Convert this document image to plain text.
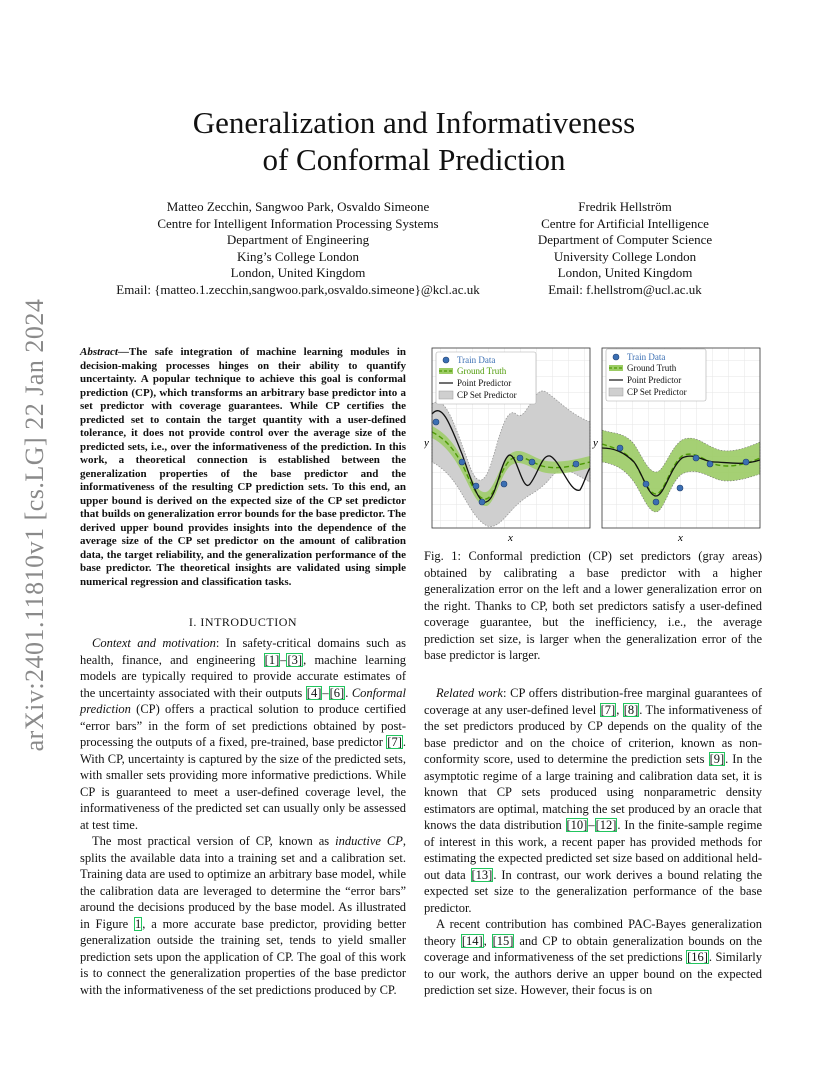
arXiv:2401.11810v1 [cs.LG] 22 Jan 2024
Generalization and Informativeness
of Conformal Prediction
Matteo Zecchin, Sangwoo Park, Osvaldo Simeone
Centre for Intelligent Information Processing Systems
Department of Engineering
King’s College London
London, United Kingdom
Email: {matteo.1.zecchin,sangwoo.park,osvaldo.simeone}@kcl.ac.uk
Fredrik Hellström
Centre for Artificial Intelligence
Department of Computer Science
University College London
London, United Kingdom
Email: f.hellstrom@ucl.ac.uk
Abstract—The safe integration of machine learning modules in decision-making processes hinges on their ability to quantify uncertainty. A popular technique to achieve this goal is conformal prediction (CP), which transforms an arbitrary base predictor into a set predictor with coverage guarantees. While CP certifies the predicted set to contain the target quantity with a user-defined tolerance, it does not provide control over the average size of the predicted sets, i.e., over the informativeness of the prediction. In this work, a theoretical connection is established between the generalization properties of the base predictor and the informativeness of the resulting CP prediction sets. To this end, an upper bound is derived on the expected size of the CP set predictor that builds on generalization error bounds for the base predictor. The derived upper bound provides insights into the dependence of the average size of the CP set predictor on the amount of calibration data, the target reliability, and the generalization performance of the base predictor. The theoretical insights are validated using simple numerical regression and classification tasks.
I. INTRODUCTION

Context and motivation: In safety-critical domains such as health, finance, and engineering [1]–[3], machine learning models are typically required to provide accurate estimates of the uncertainty associated with their outputs [4]–[6]. Conformal prediction (CP) offers a practical solution to produce certified “error bars” in the form of set predictions obtained by post-processing the outputs of a fixed, pre-trained, base predictor [7]. With CP, uncertainty is captured by the size of the predicted sets, with smaller sets providing more informative predictions. While CP is guaranteed to meet a user-defined coverage level, the informativeness of the predicted set can usually only be assessed at test time.

The most practical version of CP, known as inductive CP, splits the available data into a training set and a calibration set. Training data are used to optimize an arbitrary base model, while the calibration data are leveraged to determine the “error bars” around the decisions produced by the base model. As illustrated in Figure 1, a more accurate base predictor, providing better generalization outside the training set, tends to yield smaller prediction sets upon the application of CP. The goal of this work is to connect the generalization properties of the base predictor with the informativeness of the set predictions produced by CP.

Train Data
Ground Truth
Point Predictor
CP Set Predictor
y
x
Train Data
Ground Truth
Point Predictor
CP Set Predictor
y
x
Fig. 1: Conformal prediction (CP) set predictors (gray areas) obtained by calibrating a base predictor with a higher generalization error on the left and a lower generalization error on the right. Thanks to CP, both set predictors satisfy a user-defined coverage guarantee, but the inefficiency, i.e., the average prediction set size, is larger when the generalization error of the base predictor is larger.

Related work: CP offers distribution-free marginal guarantees of coverage at any user-defined level [7], [8]. The informativeness of the set predictors produced by CP depends on the quality of the base predictor and on the choice of criterion, known as non-conformity score, used to determine the prediction sets [9]. In the asymptotic regime of a large training and calibration data set, it is known that CP sets produced using nonparametric density estimators are optimal, matching the set produced by an oracle that knows the data distribution [10]–[12]. In the finite-sample regime of interest in this work, a recent paper has provided methods for estimating the expected predicted set size based on additional held-out data [13]. In contrast, our work derives a bound relating the expected set size to the generalization performance of the base predictor.

A recent contribution has combined PAC-Bayes generalization theory [14], [15] and CP to obtain generalization bounds on the coverage and informativeness of the set predictions [16]. Similarly to our work, the authors derive an upper bound on the expected prediction set size. However, their focus is on
